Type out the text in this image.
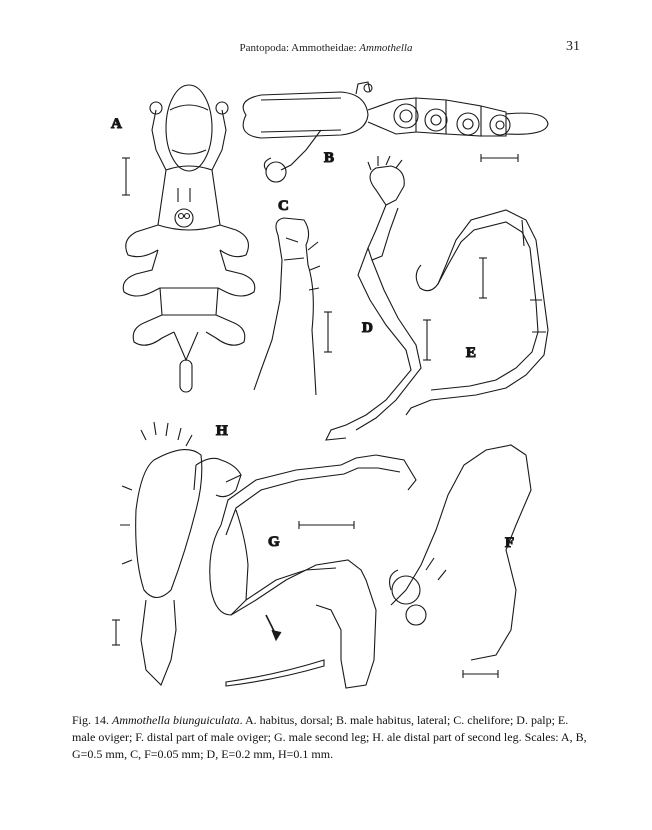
Pantopoda: Ammotheidae: Ammothella	31
A
B
C
D
E
F
G
H
Fig. 14. Ammothella biunguiculata. A. habitus, dorsal; B. male habitus, lateral; C. chelifore; D. palp; E. male oviger; F. distal part of male oviger; G. male second leg; H. ale distal part of second leg. Scales: A, B, G=0.5 mm, C, F=0.05 mm; D, E=0.2 mm, H=0.1 mm.
